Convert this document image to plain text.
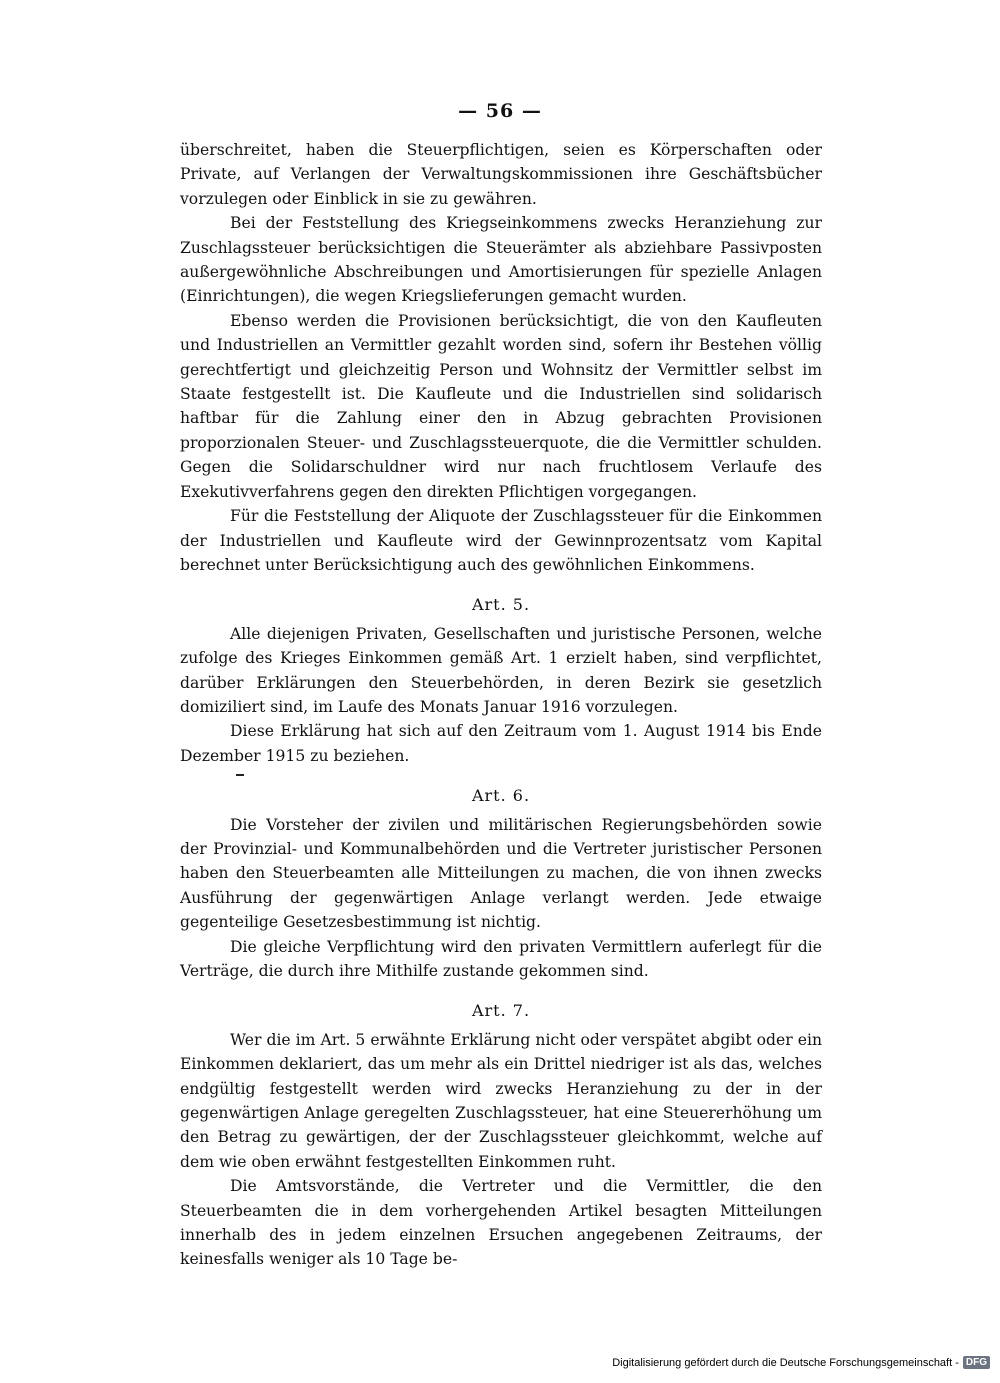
— 56 —

überschreitet, haben die Steuerpflichtigen, seien es Körperschaften oder Private, auf Verlangen der Verwaltungskommissionen ihre Geschäftsbücher vorzulegen oder Einblick in sie zu gewähren.

Bei der Feststellung des Kriegseinkommens zwecks Heranziehung zur Zuschlagssteuer berücksichtigen die Steuerämter als abziehbare Passivposten außergewöhnliche Abschreibungen und Amortisierungen für spezielle Anlagen (Einrichtungen), die wegen Kriegslieferungen gemacht wurden.

Ebenso werden die Provisionen berücksichtigt, die von den Kaufleuten und Industriellen an Vermittler gezahlt worden sind, sofern ihr Bestehen völlig gerechtfertigt und gleichzeitig Person und Wohnsitz der Vermittler selbst im Staate festgestellt ist. Die Kaufleute und die Industriellen sind solidarisch haftbar für die Zahlung einer den in Abzug gebrachten Provisionen proporzionalen Steuer- und Zuschlagssteuerquote, die die Vermittler schulden. Gegen die Solidarschuldner wird nur nach fruchtlosem Verlaufe des Exekutivverfahrens gegen den direkten Pflichtigen vorgegangen.

Für die Feststellung der Aliquote der Zuschlagssteuer für die Einkommen der Industriellen und Kaufleute wird der Gewinnprozentsatz vom Kapital berechnet unter Berücksichtigung auch des gewöhnlichen Einkommens.

Art. 5.

Alle diejenigen Privaten, Gesellschaften und juristische Personen, welche zufolge des Krieges Einkommen gemäß Art. 1 erzielt haben, sind verpflichtet, darüber Erklärungen den Steuerbehörden, in deren Bezirk sie gesetzlich domiziliert sind, im Laufe des Monats Januar 1916 vorzulegen.

Diese Erklärung hat sich auf den Zeitraum vom 1. August 1914 bis Ende Dezember 1915 zu beziehen.

Art. 6.

Die Vorsteher der zivilen und militärischen Regierungsbehörden sowie der Provinzial- und Kommunalbehörden und die Vertreter juristischer Personen haben den Steuerbeamten alle Mitteilungen zu machen, die von ihnen zwecks Ausführung der gegenwärtigen Anlage verlangt werden. Jede etwaige gegenteilige Gesetzesbestimmung ist nichtig.

Die gleiche Verpflichtung wird den privaten Vermittlern auferlegt für die Verträge, die durch ihre Mithilfe zustande gekommen sind.

Art. 7.

Wer die im Art. 5 erwähnte Erklärung nicht oder verspätet abgibt oder ein Einkommen deklariert, das um mehr als ein Drittel niedriger ist als das, welches endgültig festgestellt werden wird zwecks Heranziehung zu der in der gegenwärtigen Anlage geregelten Zuschlagssteuer, hat eine Steuererhöhung um den Betrag zu gewärtigen, der der Zuschlagssteuer gleichkommt, welche auf dem wie oben erwähnt festgestellten Einkommen ruht.

Die Amtsvorstände, die Vertreter und die Vermittler, die den Steuerbeamten die in dem vorhergehenden Artikel besagten Mitteilungen innerhalb des in jedem einzelnen Ersuchen angegebenen Zeitraums, der keinesfalls weniger als 10 Tage be-

Digitalisierung gefördert durch die Deutsche Forschungsgemeinschaft - DFG
